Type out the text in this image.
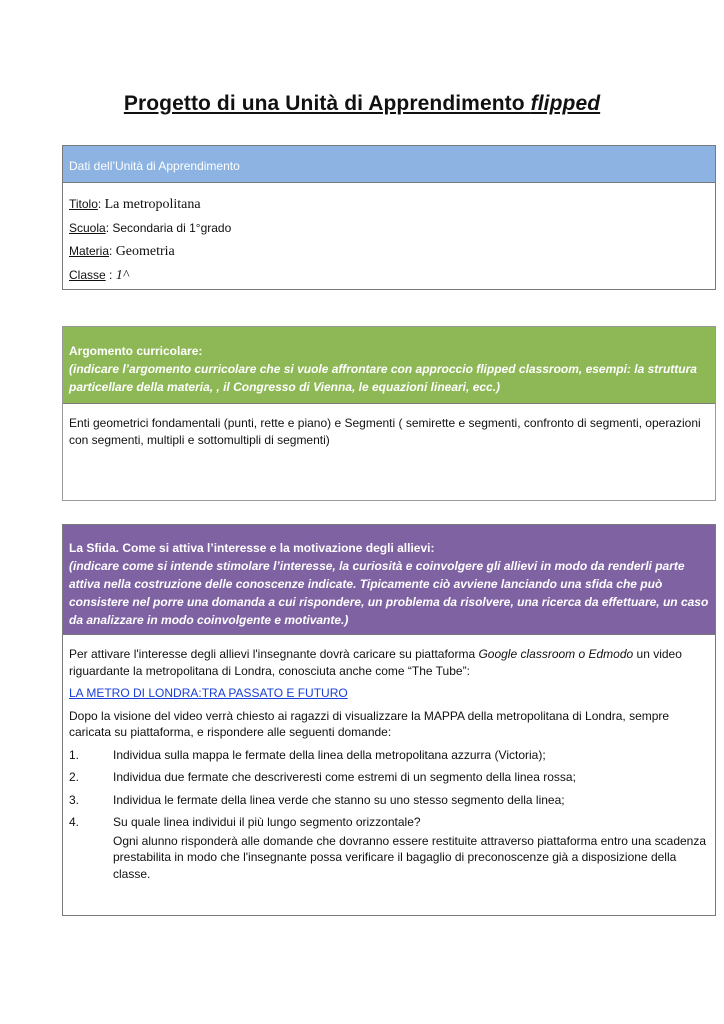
Progetto di una Unità di Apprendimento flipped
Dati dell’Unità di Apprendimento
Titolo: La metropolitana
Scuola: Secondaria di 1°grado
Materia: Geometria
Classe : 1^
Argomento curricolare:
(indicare l’argomento curricolare che si vuole affrontare con approccio flipped classroom, esempi: la struttura particellare della materia, , il Congresso di Vienna, le equazioni lineari, ecc.)
Enti geometrici fondamentali (punti, rette e piano) e Segmenti ( semirette e segmenti, confronto di segmenti, operazioni con segmenti, multipli e sottomultipli di segmenti)
La Sfida. Come si attiva l’interesse e la motivazione degli allievi:
(indicare come si intende stimolare l’interesse, la curiosità e coinvolgere gli allievi in modo da renderli parte attiva nella costruzione delle conoscenze indicate. Tipicamente ciò avviene lanciando una sfida che può consistere nel porre una domanda a cui rispondere, un problema da risolvere, una ricerca da effettuare, un caso da analizzare in modo coinvolgente e motivante.)

Per attivare l'interesse degli allievi l'insegnante dovrà caricare su piattaforma Google classroom o Edmodo un video riguardante la metropolitana di Londra, conosciuta anche come “The Tube”:

LA METRO DI LONDRA:TRA PASSATO E FUTURO

Dopo la visione del video verrà chiesto ai ragazzi di visualizzare la MAPPA della metropolitana di Londra, sempre caricata su piattaforma, e rispondere alle seguenti domande:

1.	Individua sulla mappa le fermate della linea della metropolitana azzurra (Victoria);
2.	Individua due fermate che descriveresti come estremi di un segmento della linea rossa;
3.	Individua le fermate della linea verde che stanno su uno stesso segmento della linea;
4.	Su quale linea individui il più lungo segmento orizzontale?
Ogni alunno risponderà alle domande che dovranno essere restituite attraverso piattaforma entro una scadenza prestabilita in modo che l'insegnante possa verificare il bagaglio di preconoscenze già a disposizione della classe.
